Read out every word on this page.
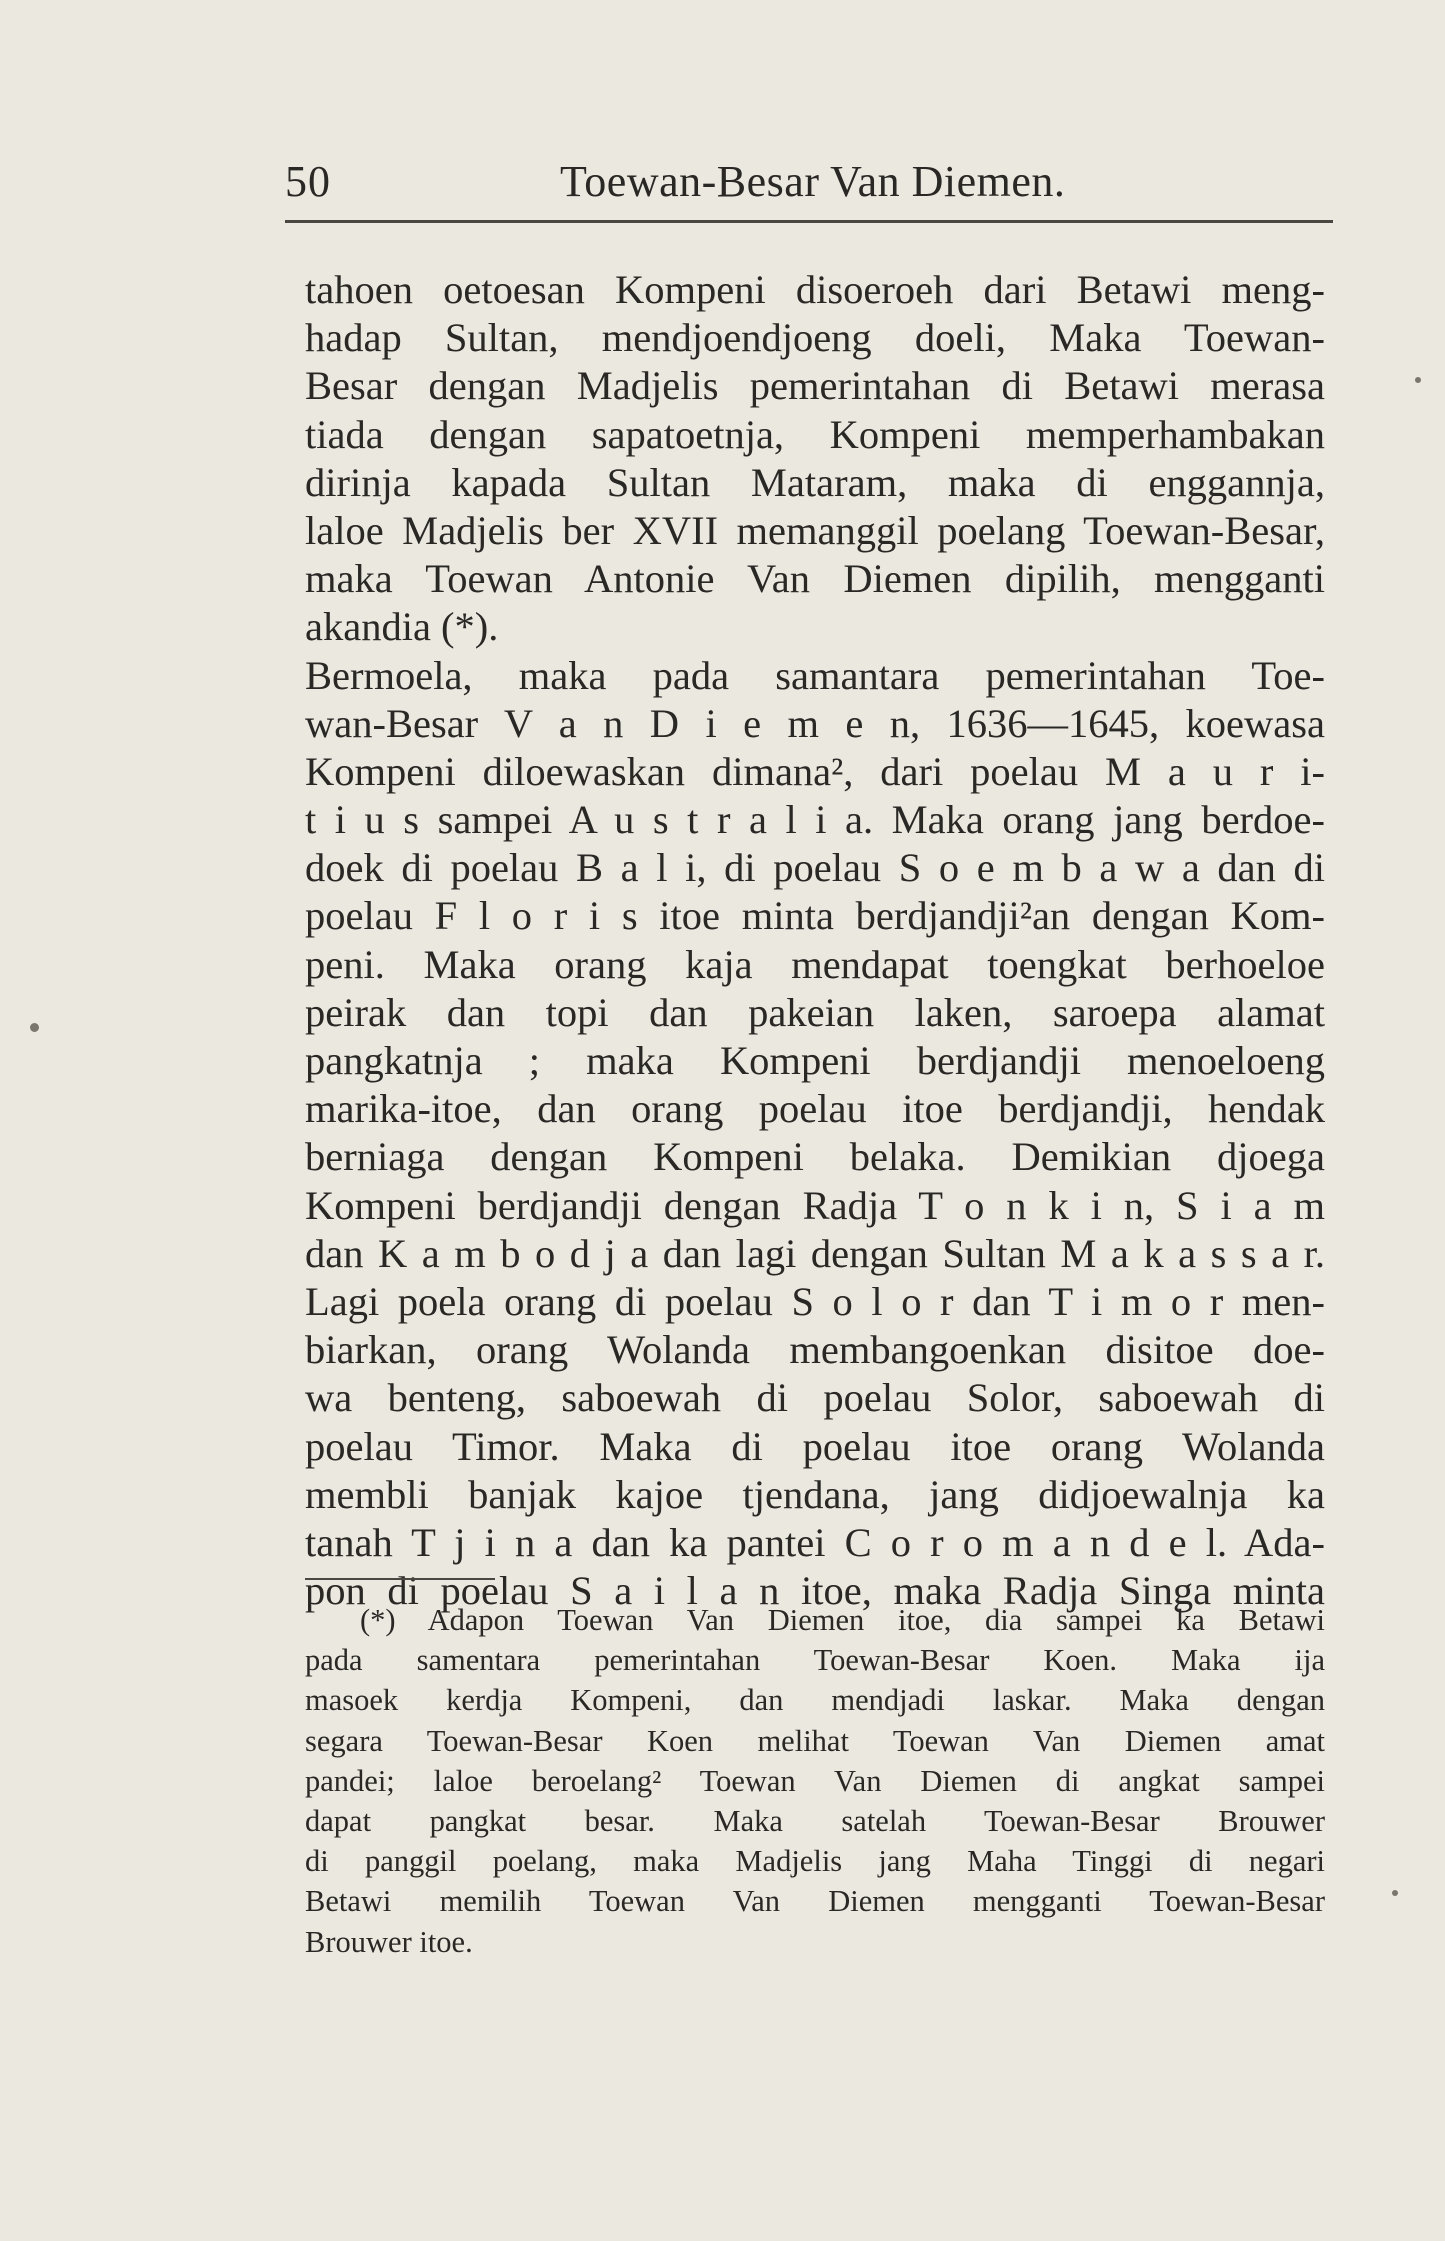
50	Toewan-Besar Van Diemen.
tahoen oetoesan Kompeni disoeroeh dari Betawi meng-
hadap Sultan, mendjoendjoeng doeli, Maka Toewan-
Besar dengan Madjelis pemerintahan di Betawi merasa
tiada dengan sapatoetnja, Kompeni memperhambakan
dirinja kapada Sultan Mataram, maka di enggannja,
laloe Madjelis ber XVII memanggil poelang Toewan-Besar,
maka Toewan Antonie Van Diemen dipilih, mengganti
akandia (*).
Bermoela, maka pada samantara pemerintahan Toe-
wan-Besar V a n D i e m e n, 1636—1645, koewasa
Kompeni diloewaskan dimana², dari poelau M a u r i-
t i u s sampei A u s t r a l i a. Maka orang jang berdoe-
doek di poelau B a l i, di poelau S o e m b a w a dan di
poelau F l o r i s itoe minta berdjandji²an dengan Kom-
peni. Maka orang kaja mendapat toengkat berhoeloe
peirak dan topi dan pakeian laken, saroepa alamat
pangkatnja ; maka Kompeni berdjandji menoeloeng
marika-itoe, dan orang poelau itoe berdjandji, hendak
berniaga dengan Kompeni belaka. Demikian djoega
Kompeni berdjandji dengan Radja T o n k i n, S i a m
dan K a m b o d j a dan lagi dengan Sultan M a k a s s a r.
Lagi poela orang di poelau S o l o r dan T i m o r men-
biarkan, orang Wolanda membangoenkan disitoe doe-
wa benteng, saboewah di poelau Solor, saboewah di
poelau Timor. Maka di poelau itoe orang Wolanda
membli banjak kajoe tjendana, jang didjoewalnja ka
tanah T j i n a dan ka pantei C o r o m a n d e l. Ada-
pon di poelau S a i l a n itoe, maka Radja Singa minta
(*) Adapon Toewan Van Diemen itoe, dia sampei ka Betawi
pada samentara pemerintahan Toewan-Besar Koen. Maka ija
masoek kerdja Kompeni, dan mendjadi laskar. Maka dengan
segara Toewan-Besar Koen melihat Toewan Van Diemen amat
pandei; laloe beroelang² Toewan Van Diemen di angkat sampei
dapat pangkat besar. Maka satelah Toewan-Besar Brouwer
di panggil poelang, maka Madjelis jang Maha Tinggi di negari
Betawi memilih Toewan Van Diemen mengganti Toewan-Besar
Brouwer itoe.
